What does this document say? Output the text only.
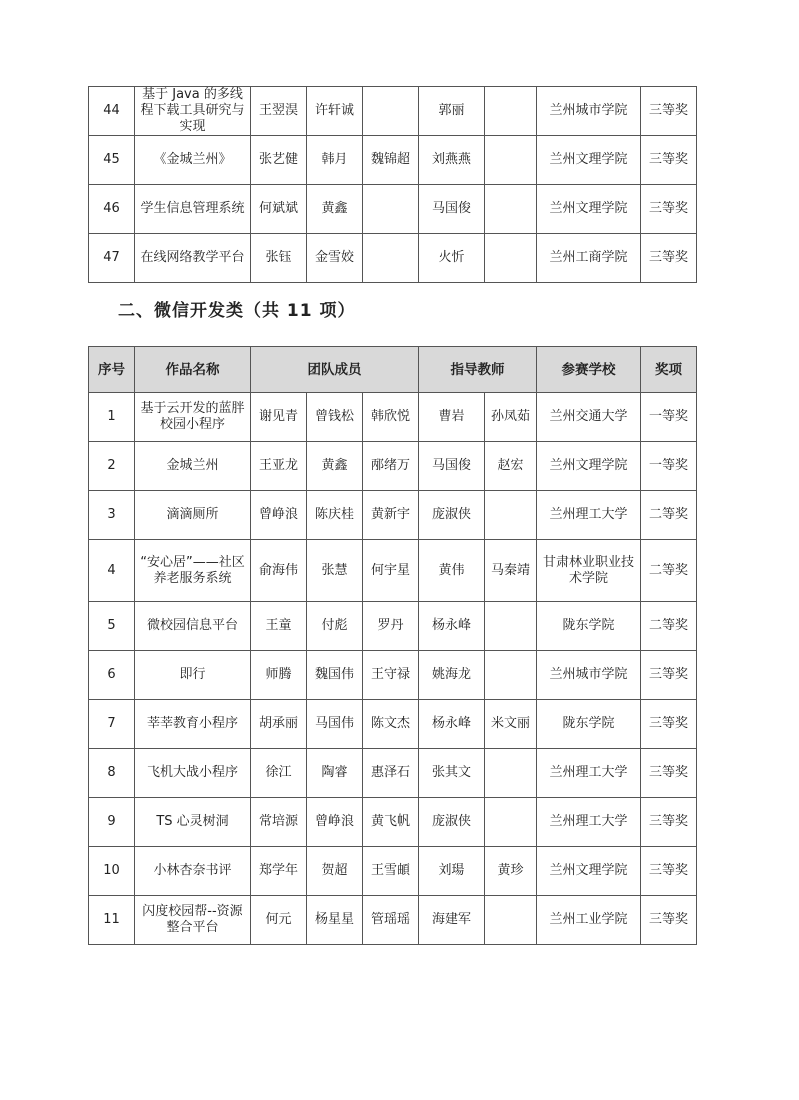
44	基于 Java 的多线程下载工具研究与实现	王翌淏	许轩诚		郭丽		兰州城市学院	三等奖
45	《金城兰州》	张艺健	韩月	魏锦超	刘燕燕		兰州文理学院	三等奖
46	学生信息管理系统	何斌斌	黄鑫		马国俊		兰州文理学院	三等奖
47	在线网络教学平台	张钰	金雪姣		火忻		兰州工商学院	三等奖
二、微信开发类（共 11 项）
序号	作品名称	团队成员			指导教师		参赛学校	奖项
1	基于云开发的蓝胖校园小程序	谢见青	曾钱松	韩欣悦	曹岩	孙凤茹	兰州交通大学	一等奖
2	金城兰州	王亚龙	黄鑫	邴绪万	马国俊	赵宏	兰州文理学院	一等奖
3	滴滴厕所	曾峥浪	陈庆桂	黄新宇	庞淑侠		兰州理工大学	二等奖
4	“安心居”——社区养老服务系统	俞海伟	张慧	何宇星	黄伟	马秦靖	甘肃林业职业技术学院	二等奖
5	微校园信息平台	王童	付彪	罗丹	杨永峰		陇东学院	二等奖
6	即行	师腾	魏国伟	王守禄	姚海龙		兰州城市学院	三等奖
7	莘莘教育小程序	胡承丽	马国伟	陈文杰	杨永峰	米文丽	陇东学院	三等奖
8	飞机大战小程序	徐江	陶睿	惠泽石	张其文		兰州理工大学	三等奖
9	TS 心灵树洞	常培源	曾峥浪	黄飞帆	庞淑侠		兰州理工大学	三等奖
10	小林杏奈书评	郑学年	贺超	王雪頔	刘瑒	黄珍	兰州文理学院	三等奖
11	闪度校园帮--资源整合平台	何元	杨星星	管瑶瑶	海建军		兰州工业学院	三等奖
